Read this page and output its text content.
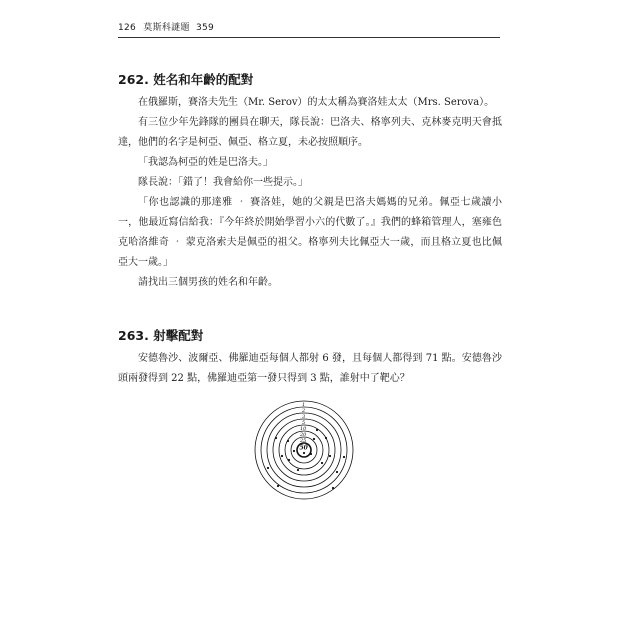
126 莫斯科謎題 359
262. 姓名和年齡的配對

在俄羅斯，賽洛夫先生（Mr. Serov）的太太稱為賽洛娃太太（Mrs. Serova）。

有三位少年先鋒隊的團員在聊天，隊長說：巴洛夫、格寧列夫、克林麥克明天會抵達，他們的名字是柯亞、佩亞、格立夏，未必按照順序。

「我認為柯亞的姓是巴洛夫。」

隊長說：「錯了！我會給你一些提示。」

「你也認識的那達雅 ‧ 賽洛娃，她的父親是巴洛夫媽媽的兄弟。佩亞七歲讀小一，他最近寫信給我：『今年終於開始學習小六的代數了。』我們的蜂箱管理人，塞雍色克哈洛維奇 ‧ 蒙克洛索夫是佩亞的祖父。格寧列夫比佩亞大一歲，而且格立夏也比佩亞大一歲。」

請找出三個男孩的姓名和年齡。

263. 射擊配對

安德魯沙、波爾亞、佛羅迪亞每個人都射 6 發，且每個人都得到 71 點。安德魯沙頭兩發得到 22 點，佛羅迪亞第一發只得到 3 點，誰射中了靶心？

1
2
3
5
10
20
25
50
